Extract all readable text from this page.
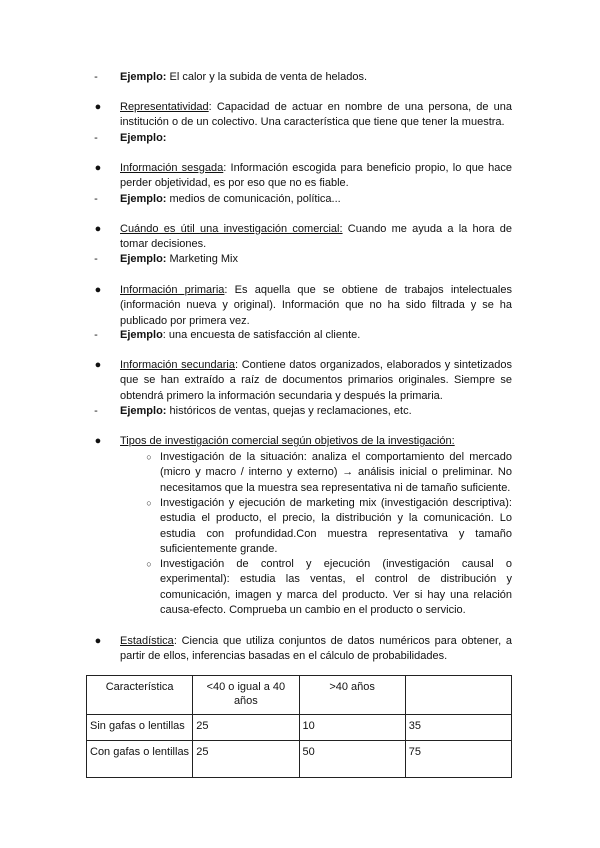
-	Ejemplo: El calor y la subida de venta de helados.
● Representatividad: Capacidad de actuar en nombre de una persona, de una institución o de un colectivo. Una característica que tiene que tener la muestra.
-	Ejemplo:
● Información sesgada: Información escogida para beneficio propio, lo que hace perder objetividad, es por eso que no es fiable.
-	Ejemplo: medios de comunicación, política...
● Cuándo es útil una investigación comercial: Cuando me ayuda a la hora de tomar decisiones.
-	Ejemplo: Marketing Mix
● Información primaria: Es aquella que se obtiene de trabajos intelectuales (información nueva y original). Información que no ha sido filtrada y se ha publicado por primera vez.
-	Ejemplo: una encuesta de satisfacción al cliente.
● Información secundaria: Contiene datos organizados, elaborados y sintetizados que se han extraído a raíz de documentos primarios originales. Siempre se obtendrá primero la información secundaria y después la primaria.
-	Ejemplo: históricos de ventas, quejas y reclamaciones, etc.
● Tipos de investigación comercial según objetivos de la investigación:
● Estadística: Ciencia que utiliza conjuntos de datos numéricos para obtener, a partir de ellos, inferencias basadas en el cálculo de probabilidades.
○ Investigación de la situación: analiza el comportamiento del mercado (micro y macro / interno y externo) → análisis inicial o preliminar. No necesitamos que la muestra sea representativa ni de tamaño suficiente.
○ Investigación y ejecución de marketing mix (investigación descriptiva): estudia el producto, el precio, la distribución y la comunicación. Lo estudia con profundidad.Con muestra representativa y tamaño suficientemente grande.
○ Investigación de control y ejecución (investigación causal o experimental): estudia las ventas, el control de distribución y comunicación, imagen y marca del producto. Ver si hay una relación causa-efecto. Comprueba un cambio en el producto o servicio.
Característica	<40 o igual a 40 años	>40 años	
Sin gafas o lentillas	25	10	35
Con gafas o lentillas	25	50	75
